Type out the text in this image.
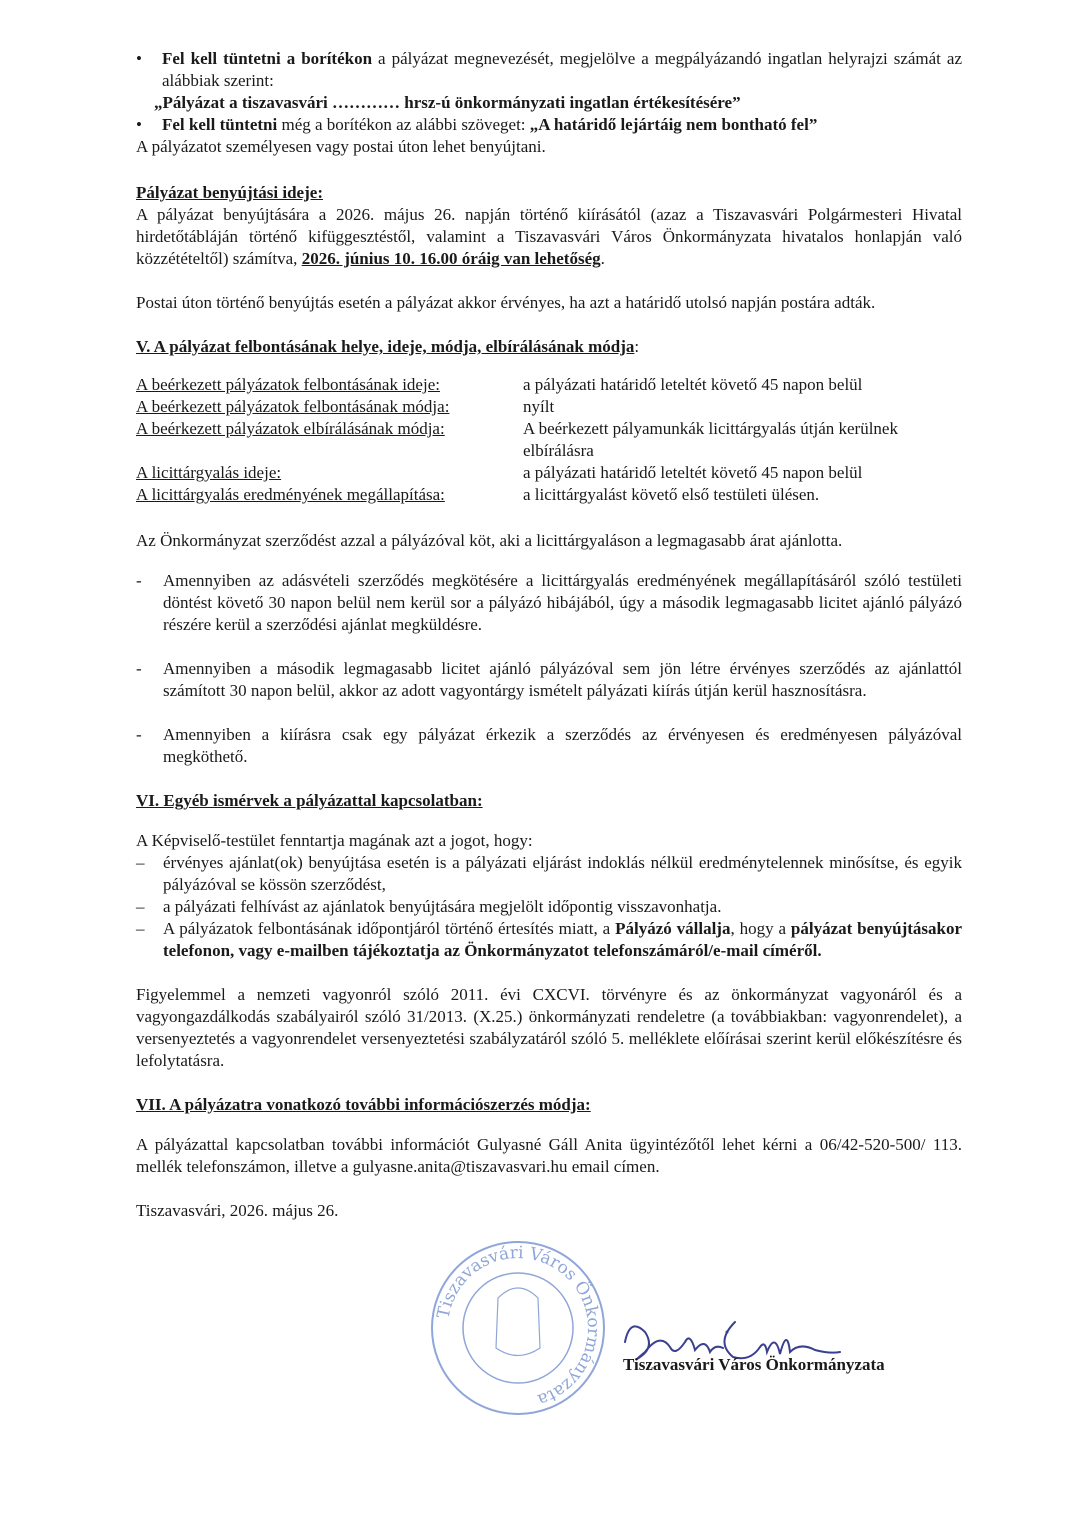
•	Fel kell tüntetni a borítékon a pályázat megnevezését, megjelölve a megpályázandó ingatlan helyrajzi számát az alábbiak szerint:

„Pályázat a tiszavasvári ………… hrsz-ú önkormányzati ingatlan értékesítésére”

•	Fel kell tüntetni még a borítékon az alábbi szöveget: „A határidő lejártáig nem bontható fel”

A pályázatot személyesen vagy postai úton lehet benyújtani.

Pályázat benyújtási ideje:

A pályázat benyújtására a 2026. május 26. napján történő kiírásától (azaz a Tiszavasvári Polgármesteri Hivatal hirdetőtábláján történő kifüggesztéstől, valamint a Tiszavasvári Város Önkormányzata hivatalos honlapján való közzétételtől) számítva, 2026. június 10. 16.00 óráig van lehetőség.

Postai úton történő benyújtás esetén a pályázat akkor érvényes, ha azt a határidő utolsó napján postára adták.

V. A pályázat felbontásának helye, ideje, módja, elbírálásának módja:

A beérkezett pályázatok felbontásának ideje:	a pályázati határidő leteltét követő 45 napon belül
A beérkezett pályázatok felbontásának módja:	nyílt
A beérkezett pályázatok elbírálásának módja:	A beérkezett pályamunkák licittárgyalás útján kerülnek elbírálásra
A licittárgyalás ideje:	a pályázati határidő leteltét követő 45 napon belül
A licittárgyalás eredményének megállapítása:	a licittárgyalást követő első testületi ülésen.

Az Önkormányzat szerződést azzal a pályázóval köt, aki a licittárgyaláson a legmagasabb árat ajánlotta.

-	Amennyiben az adásvételi szerződés megkötésére a licittárgyalás eredményének megállapításáról szóló testületi döntést követő 30 napon belül nem kerül sor a pályázó hibájából, úgy a második legmagasabb licitet ajánló pályázó részére kerül a szerződési ajánlat megküldésre.
-	Amennyiben a második legmagasabb licitet ajánló pályázóval sem jön létre érvényes szerződés az ajánlattól számított 30 napon belül, akkor az adott vagyontárgy ismételt pályázati kiírás útján kerül hasznosításra.
-	Amennyiben a kiírásra csak egy pályázat érkezik a szerződés az érvényesen és eredményesen pályázóval megköthető.

VI. Egyéb ismérvek a pályázattal kapcsolatban:

A Képviselő-testület fenntartja magának azt a jogot, hogy:

–	érvényes ajánlat(ok) benyújtása esetén is a pályázati eljárást indoklás nélkül eredménytelennek minősítse, és egyik pályázóval se kössön szerződést,
–	a pályázati felhívást az ajánlatok benyújtására megjelölt időpontig visszavonhatja.
–	A pályázatok felbontásának időpontjáról történő értesítés miatt, a Pályázó vállalja, hogy a pályázat benyújtásakor telefonon, vagy e-mailben tájékoztatja az Önkormányzatot telefonszámáról/e-mail címéről.

Figyelemmel a nemzeti vagyonról szóló 2011. évi CXCVI. törvényre és az önkormányzat vagyonáról és a vagyongazdálkodás szabályairól szóló 31/2013. (X.25.) önkormányzati rendeletre (a továbbiakban: vagyonrendelet), a versenyeztetés a vagyonrendelet versenyeztetési szabályzatáról szóló 5. melléklete előírásai szerint kerül előkészítésre és lefolytatásra.

VII. A pályázatra vonatkozó további információszerzés módja:

A pályázattal kapcsolatban további információt Gulyasné Gáll Anita ügyintézőtől lehet kérni a 06/42-520-500/ 113. mellék telefonszámon, illetve a gulyasne.anita@tiszavasvari.hu email címen.

Tiszavasvári, 2026. május 26.

Tiszavasvári Város Önkormányzata
Tiszavasvári Város Önkormányzata
